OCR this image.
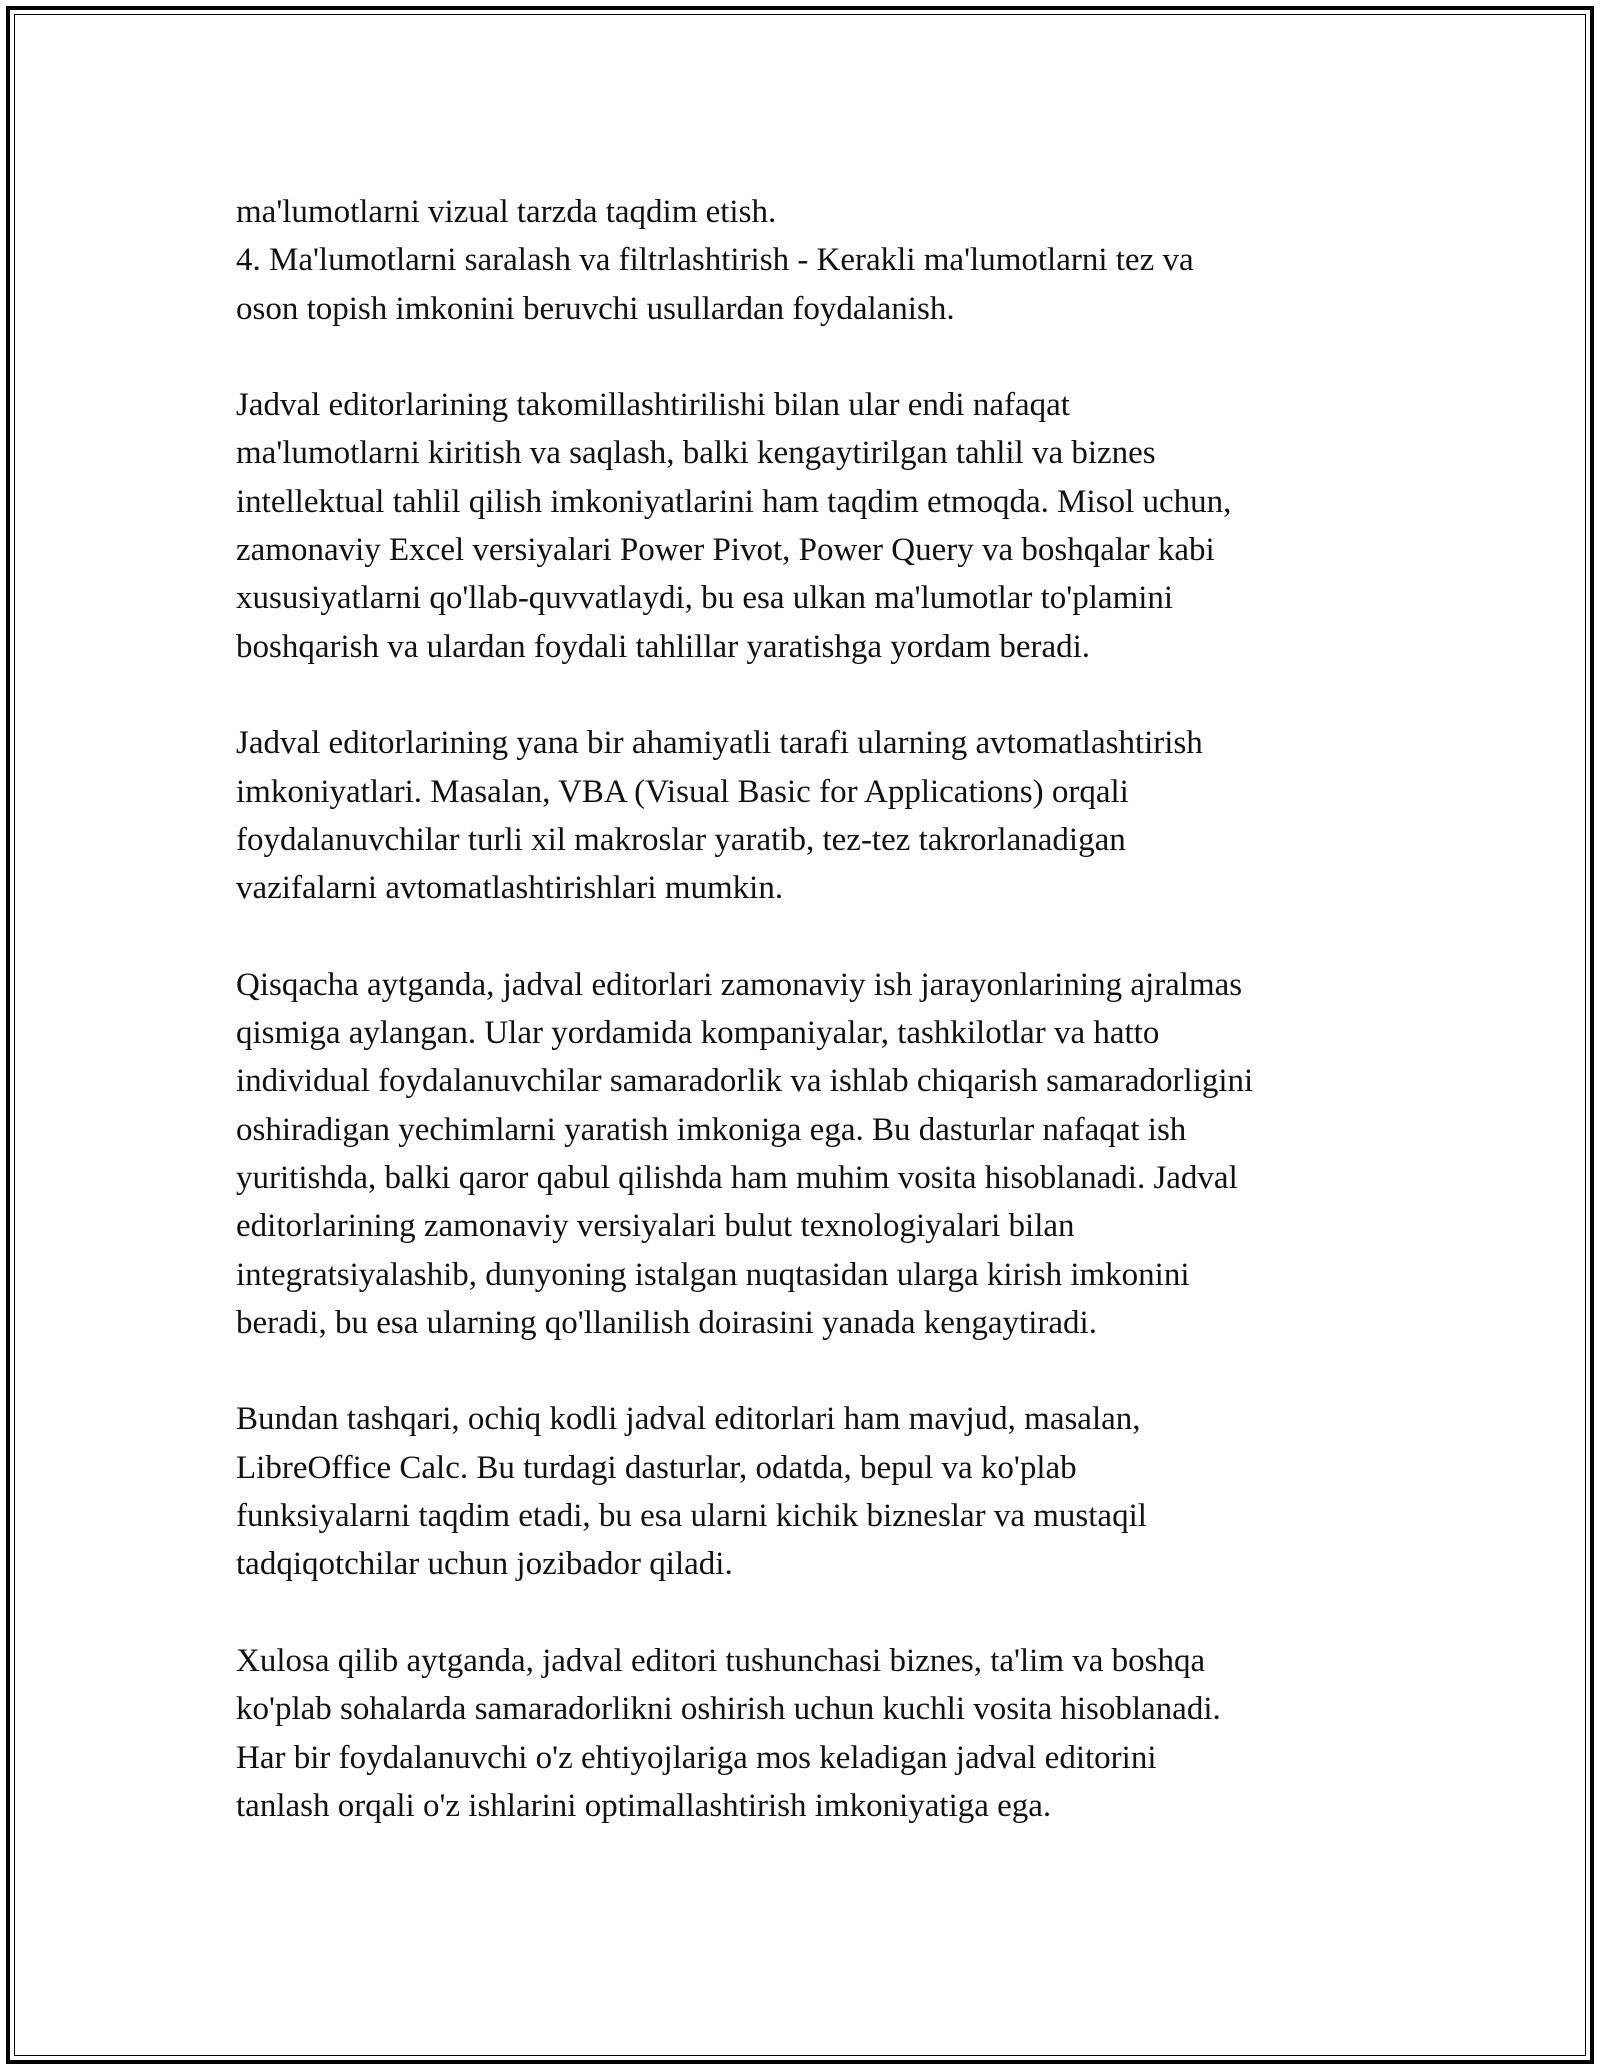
ma'lumotlarni vizual tarzda taqdim etish.

4. Ma'lumotlarni saralash va filtrlashtirish - Kerakli ma'lumotlarni tez va
oson topish imkonini beruvchi usullardan foydalanish.

Jadval editorlarining takomillashtirilishi bilan ular endi nafaqat
ma'lumotlarni kiritish va saqlash, balki kengaytirilgan tahlil va biznes
intellektual tahlil qilish imkoniyatlarini ham taqdim etmoqda. Misol uchun,
zamonaviy Excel versiyalari Power Pivot, Power Query va boshqalar kabi
xususiyatlarni qo'llab-quvvatlaydi, bu esa ulkan ma'lumotlar to'plamini
boshqarish va ulardan foydali tahlillar yaratishga yordam beradi.

Jadval editorlarining yana bir ahamiyatli tarafi ularning avtomatlashtirish
imkoniyatlari. Masalan, VBA (Visual Basic for Applications) orqali
foydalanuvchilar turli xil makroslar yaratib, tez-tez takrorlanadigan
vazifalarni avtomatlashtirishlari mumkin.

Qisqacha aytganda, jadval editorlari zamonaviy ish jarayonlarining ajralmas
qismiga aylangan. Ular yordamida kompaniyalar, tashkilotlar va hatto
individual foydalanuvchilar samaradorlik va ishlab chiqarish samaradorligini
oshiradigan yechimlarni yaratish imkoniga ega. Bu dasturlar nafaqat ish
yuritishda, balki qaror qabul qilishda ham muhim vosita hisoblanadi. Jadval
editorlarining zamonaviy versiyalari bulut texnologiyalari bilan
integratsiyalashib, dunyoning istalgan nuqtasidan ularga kirish imkonini
beradi, bu esa ularning qo'llanilish doirasini yanada kengaytiradi.

Bundan tashqari, ochiq kodli jadval editorlari ham mavjud, masalan,
LibreOffice Calc. Bu turdagi dasturlar, odatda, bepul va ko'plab
funksiyalarni taqdim etadi, bu esa ularni kichik bizneslar va mustaqil
tadqiqotchilar uchun jozibador qiladi.

Xulosa qilib aytganda, jadval editori tushunchasi biznes, ta'lim va boshqa
ko'plab sohalarda samaradorlikni oshirish uchun kuchli vosita hisoblanadi.
Har bir foydalanuvchi o'z ehtiyojlariga mos keladigan jadval editorini
tanlash orqali o'z ishlarini optimallashtirish imkoniyatiga ega.
